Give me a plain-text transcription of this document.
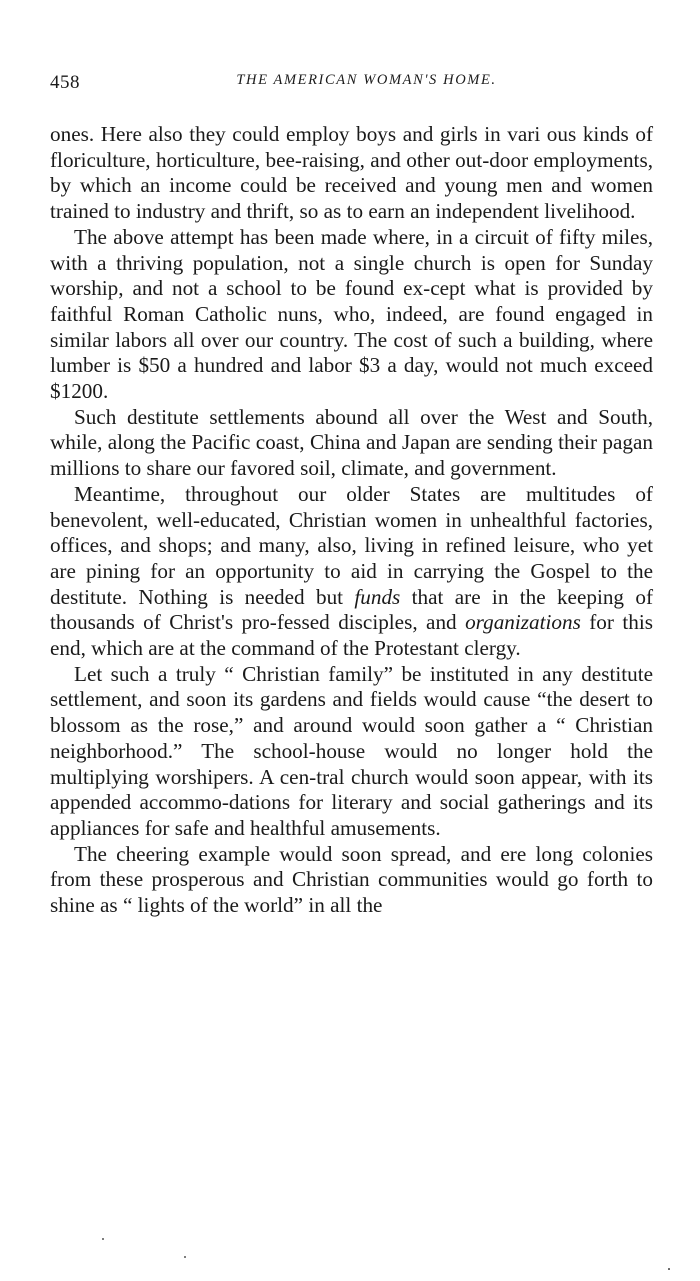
458	THE AMERICAN WOMAN'S HOME.

ones. Here also they could employ boys and girls in vari ous kinds of floriculture, horticulture, bee-raising, and other out-door employments, by which an income could be received and young men and women trained to industry and thrift, so as to earn an independent livelihood.

The above attempt has been made where, in a circuit of fifty miles, with a thriving population, not a single church is open for Sunday worship, and not a school to be found ex-cept what is provided by faithful Roman Catholic nuns, who, indeed, are found engaged in similar labors all over our country. The cost of such a building, where lumber is $50 a hundred and labor $3 a day, would not much exceed $1200.

Such destitute settlements abound all over the West and South, while, along the Pacific coast, China and Japan are sending their pagan millions to share our favored soil, climate, and government.

Meantime, throughout our older States are multitudes of benevolent, well-educated, Christian women in unhealthful factories, offices, and shops; and many, also, living in refined leisure, who yet are pining for an opportunity to aid in carrying the Gospel to the destitute. Nothing is needed but funds that are in the keeping of thousands of Christ's pro-fessed disciples, and organizations for this end, which are at the command of the Protestant clergy.

Let such a truly “ Christian family” be instituted in any destitute settlement, and soon its gardens and fields would cause “the desert to blossom as the rose,” and around would soon gather a “ Christian neighborhood.” The school-house would no longer hold the multiplying worshipers. A cen-tral church would soon appear, with its appended accommo-dations for literary and social gatherings and its appliances for safe and healthful amusements.

The cheering example would soon spread, and ere long colonies from these prosperous and Christian communities would go forth to shine as “ lights of the world” in all the
